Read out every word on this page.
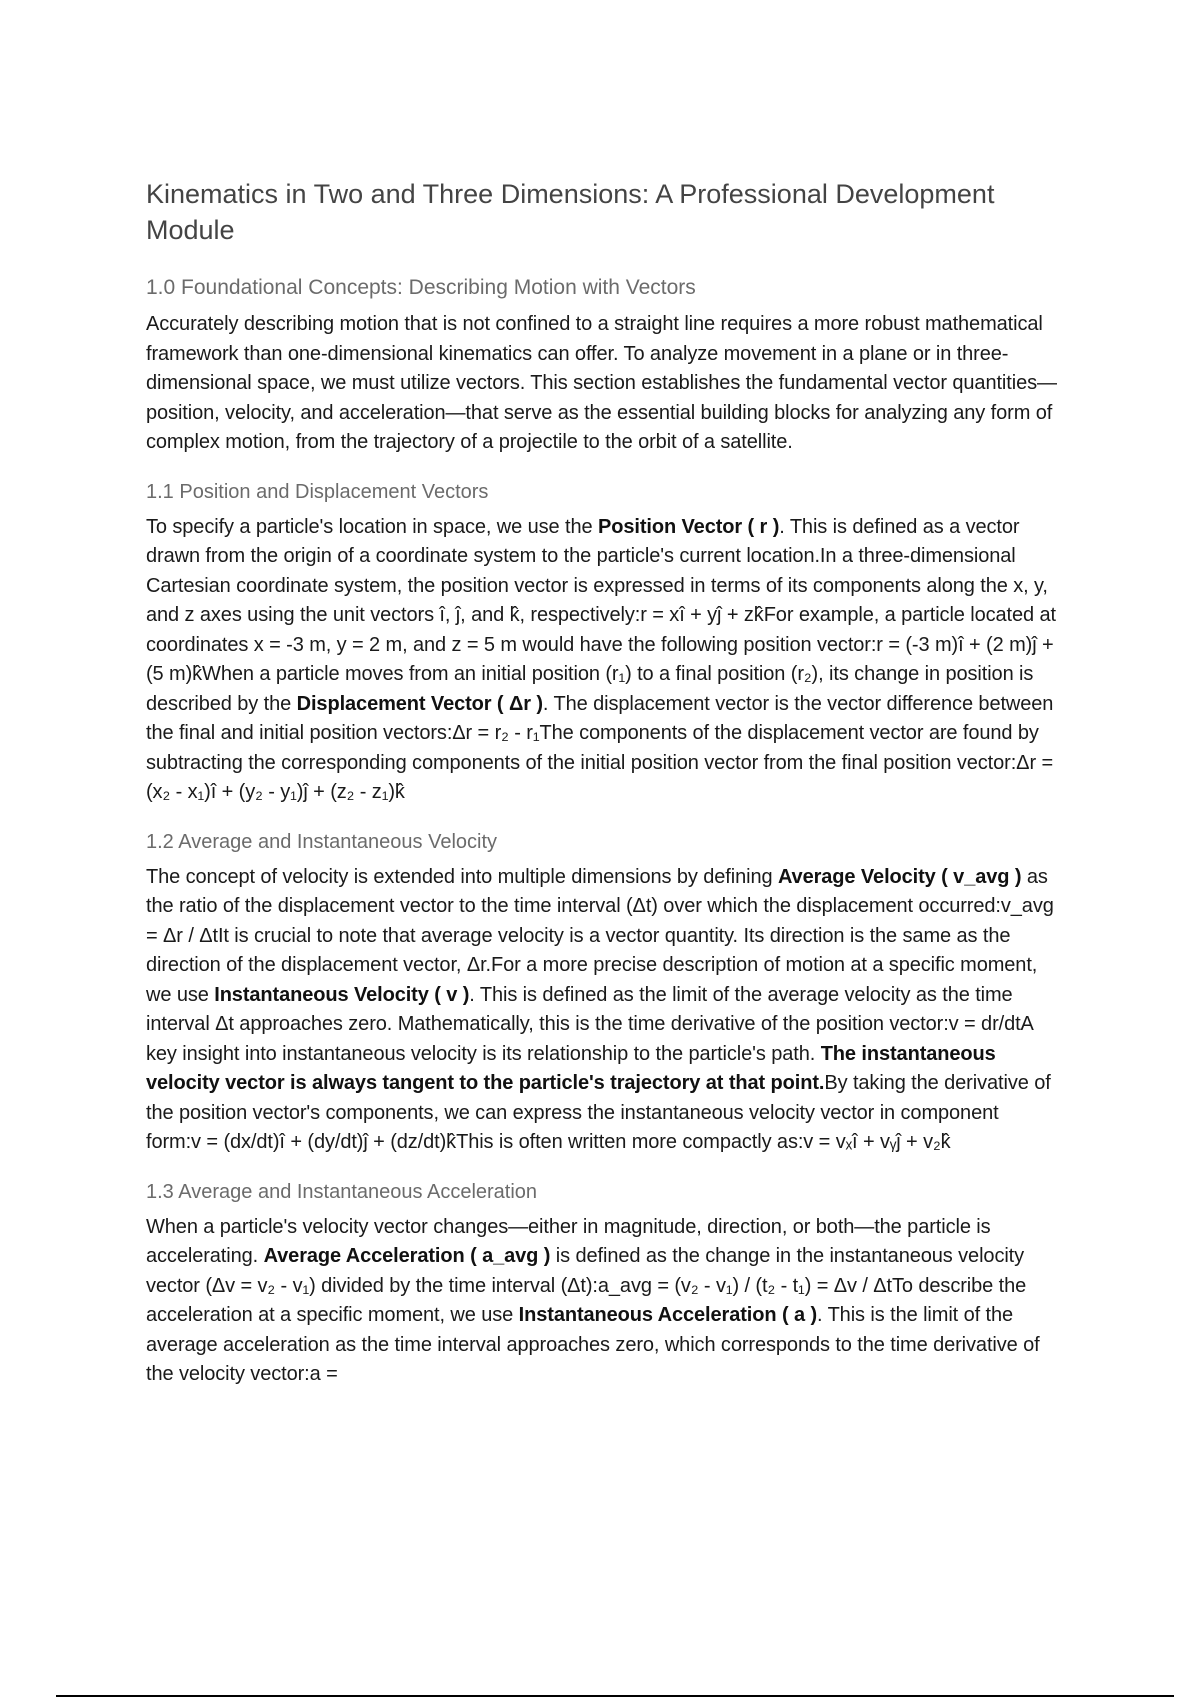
Kinematics in Two and Three Dimensions: A Professional Development Module
1.0 Foundational Concepts: Describing Motion with Vectors

Accurately describing motion that is not confined to a straight line requires a more robust mathematical framework than one-dimensional kinematics can offer. To analyze movement in a plane or in three-dimensional space, we must utilize vectors. This section establishes the fundamental vector quantities—position, velocity, and acceleration—that serve as the essential building blocks for analyzing any form of complex motion, from the trajectory of a projectile to the orbit of a satellite.

1.1 Position and Displacement Vectors

To specify a particle's location in space, we use the Position Vector ( r ). This is defined as a vector drawn from the origin of a coordinate system to the particle's current location.In a three-dimensional Cartesian coordinate system, the position vector is expressed in terms of its components along the x, y, and z axes using the unit vectors î, ĵ, and k̂, respectively:r = xî + yĵ + zk̂For example, a particle located at coordinates x = -3 m, y = 2 m, and z = 5 m would have the following position vector:r = (-3 m)î + (2 m)ĵ + (5 m)k̂When a particle moves from an initial position (r₁) to a final position (r₂), its change in position is described by the Displacement Vector ( Δr ). The displacement vector is the vector difference between the final and initial position vectors:Δr = r₂ - r₁The components of the displacement vector are found by subtracting the corresponding components of the initial position vector from the final position vector:Δr = (x₂ - x₁)î + (y₂ - y₁)ĵ + (z₂ - z₁)k̂

1.2 Average and Instantaneous Velocity

The concept of velocity is extended into multiple dimensions by defining Average Velocity ( v_avg ) as the ratio of the displacement vector to the time interval (Δt) over which the displacement occurred:v_avg = Δr / ΔtIt is crucial to note that average velocity is a vector quantity. Its direction is the same as the direction of the displacement vector, Δr.For a more precise description of motion at a specific moment, we use Instantaneous Velocity ( v ). This is defined as the limit of the average velocity as the time interval Δt approaches zero. Mathematically, this is the time derivative of the position vector:v = dr/dtA key insight into instantaneous velocity is its relationship to the particle's path. The instantaneous velocity vector is always tangent to the particle's trajectory at that point.By taking the derivative of the position vector's components, we can express the instantaneous velocity vector in component form:v = (dx/dt)î + (dy/dt)ĵ + (dz/dt)k̂This is often written more compactly as:v = vₓî + vᵧĵ + v₂k̂

1.3 Average and Instantaneous Acceleration

When a particle's velocity vector changes—either in magnitude, direction, or both—the particle is accelerating. Average Acceleration ( a_avg ) is defined as the change in the instantaneous velocity vector (Δv = v₂ - v₁) divided by the time interval (Δt):a_avg = (v₂ - v₁) / (t₂ - t₁) = Δv / ΔtTo describe the acceleration at a specific moment, we use Instantaneous Acceleration ( a ). This is the limit of the average acceleration as the time interval approaches zero, which corresponds to the time derivative of the velocity vector:a =
